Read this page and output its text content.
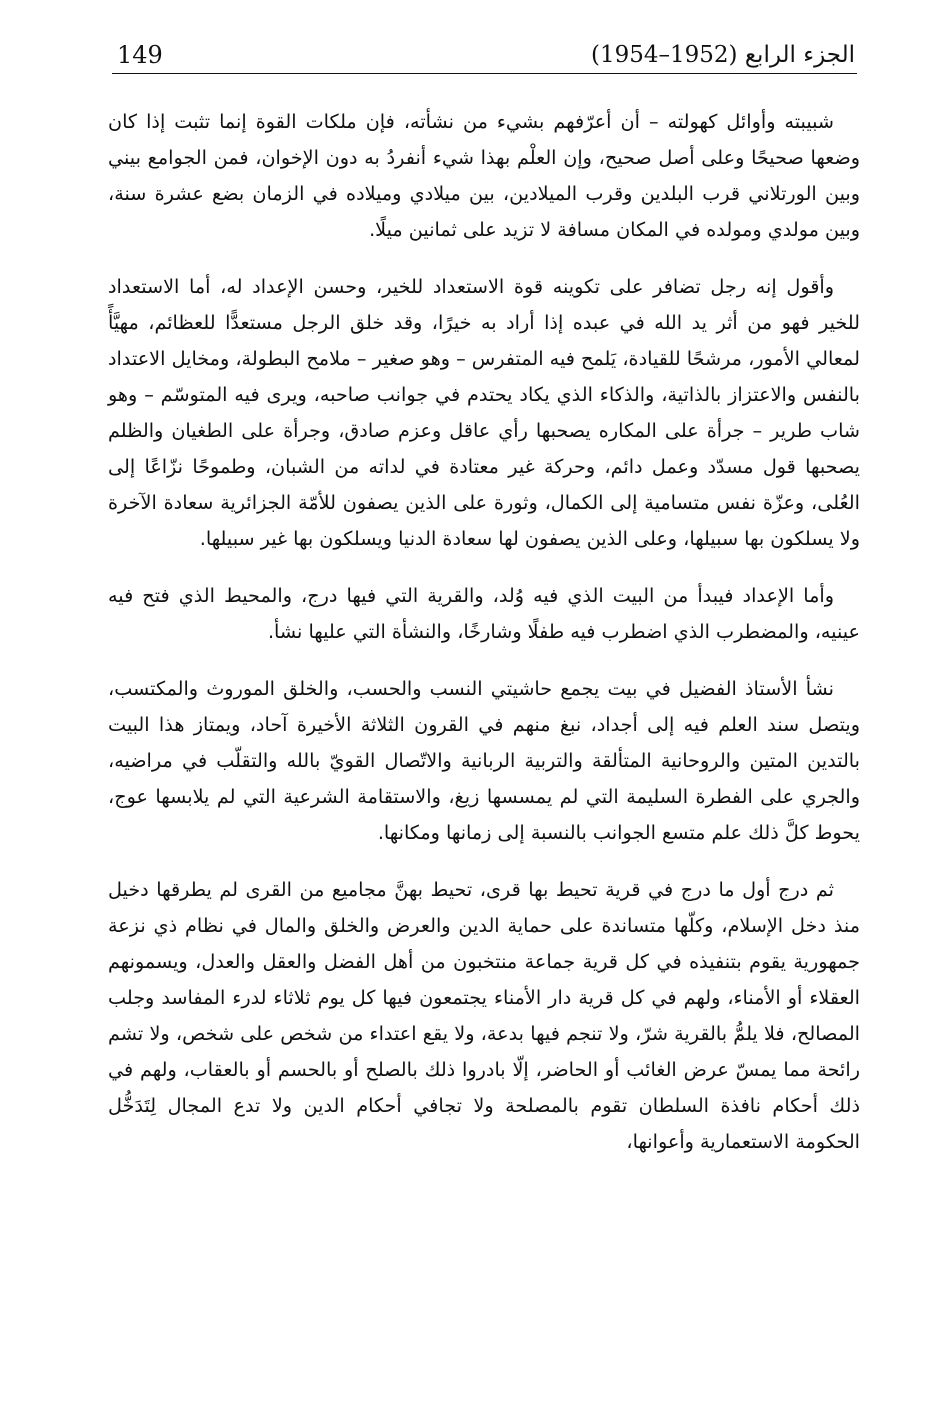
149	الجزء الرابع (1952–1954)

شبيبته وأوائل كهولته – أن أعرّفهم بشيء من نشأته، فإن ملكات القوة إنما تثبت إذا كان وضعها صحيحًا وعلى أصل صحيح، وإن العلْم بهذا شيء أنفردُ به دون الإخوان، فمن الجوامع بيني وبين الورتلاني قرب البلدين وقرب الميلادين، بين ميلادي وميلاده في الزمان بضع عشرة سنة، وبين مولدي ومولده في المكان مسافة لا تزيد على ثمانين ميلًا.

وأقول إنه رجل تضافر على تكوينه قوة الاستعداد للخير، وحسن الإعداد له، أما الاستعداد للخير فهو من أثر يد الله في عبده إذا أراد به خيرًا، وقد خلق الرجل مستعدًّا للعظائم، مهيَّأً لمعالي الأمور، مرشحًا للقيادة، يَلمح فيه المتفرس – وهو صغير – ملامح البطولة، ومخايل الاعتداد بالنفس والاعتزاز بالذاتية، والذكاء الذي يكاد يحتدم في جوانب صاحبه، ويرى فيه المتوسّم – وهو شاب طرير – جرأة على المكاره يصحبها رأي عاقل وعزم صادق، وجرأة على الطغيان والظلم يصحبها قول مسدّد وعمل دائم، وحركة غير معتادة في لداته من الشبان، وطموحًا نزّاعًا إلى العُلى، وعزّة نفس متسامية إلى الكمال، وثورة على الذين يصفون للأمّة الجزائرية سعادة الآخرة ولا يسلكون بها سبيلها، وعلى الذين يصفون لها سعادة الدنيا ويسلكون بها غير سبيلها.

وأما الإعداد فيبدأ من البيت الذي فيه وُلد، والقرية التي فيها درج، والمحيط الذي فتح فيه عينيه، والمضطرب الذي اضطرب فيه طفلًا وشارخًا، والنشأة التي عليها نشأ.

نشأ الأستاذ الفضيل في بيت يجمع حاشيتي النسب والحسب، والخلق الموروث والمكتسب، ويتصل سند العلم فيه إلى أجداد، نبغ منهم في القرون الثلاثة الأخيرة آحاد، ويمتاز هذا البيت بالتدين المتين والروحانية المتألقة والتربية الربانية والاتّصال القويّ بالله والتقلّب في مراضيه، والجري على الفطرة السليمة التي لم يمسسها زيغ، والاستقامة الشرعية التي لم يلابسها عوج، يحوط كلَّ ذلك علم متسع الجوانب بالنسبة إلى زمانها ومكانها.

ثم درج أول ما درج في قرية تحيط بها قرى، تحيط بهنَّ مجاميع من القرى لم يطرقها دخيل منذ دخل الإسلام، وكلّها متساندة على حماية الدين والعرض والخلق والمال في نظام ذي نزعة جمهورية يقوم بتنفيذه في كل قرية جماعة منتخبون من أهل الفضل والعقل والعدل، ويسمونهم العقلاء أو الأمناء، ولهم في كل قرية دار الأمناء يجتمعون فيها كل يوم ثلاثاء لدرء المفاسد وجلب المصالح، فلا يلمُّ بالقرية شرّ، ولا تنجم فيها بدعة، ولا يقع اعتداء من شخص على شخص، ولا تشم رائحة مما يمسّ عرض الغائب أو الحاضر، إلّا بادروا ذلك بالصلح أو بالحسم أو بالعقاب، ولهم في ذلك أحكام نافذة السلطان تقوم بالمصلحة ولا تجافي أحكام الدين ولا تدع المجال لِتَدَخُّل الحكومة الاستعمارية وأعوانها،
